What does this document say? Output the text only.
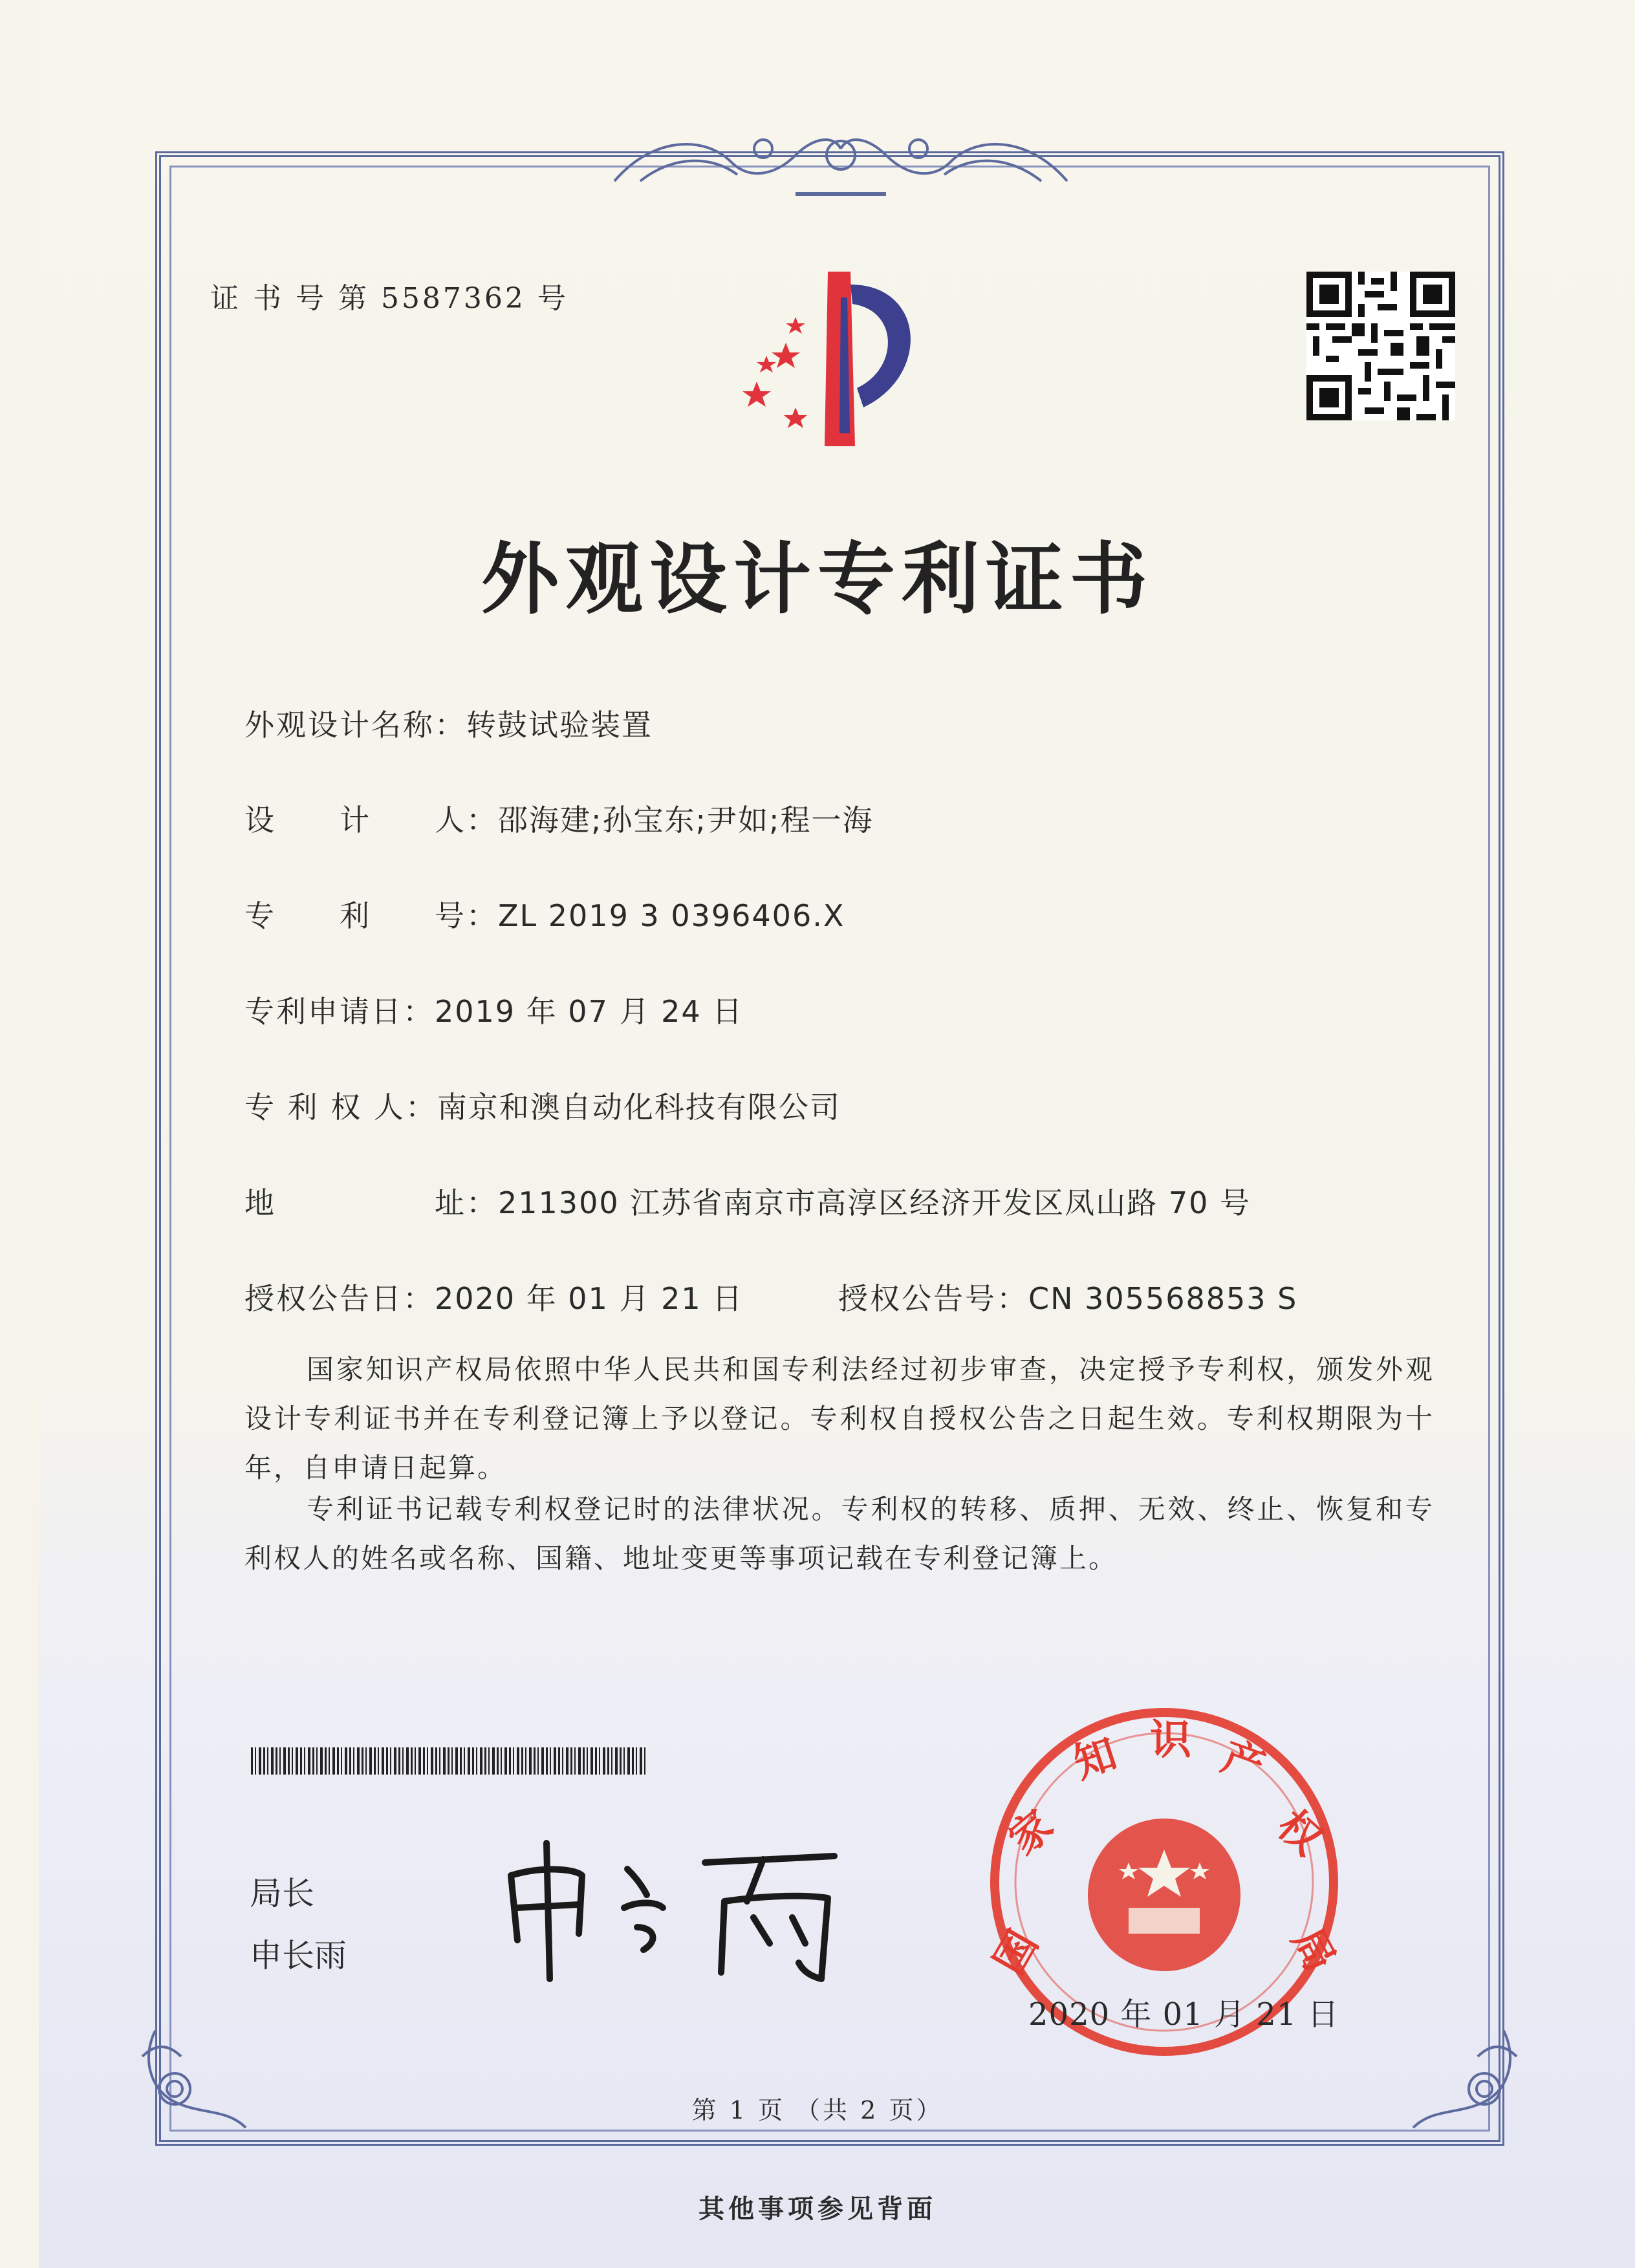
证 书 号 第 5587362 号
外观设计专利证书
外观设计名称：转鼓试验装置
设　　计　　人：邵海建;孙宝东;尹如;程一海
专　　利　　号：ZL 2019 3 0396406.X
专利申请日：2019 年 07 月 24 日
专 利 权 人：南京和澳自动化科技有限公司
地　　　　　址：211300 江苏省南京市高淳区经济开发区凤山路 70 号
授权公告日：2020 年 01 月 21 日	授权公告号：CN 305568853 S
国家知识产权局依照中华人民共和国专利法经过初步审查，决定授予专利权，颁发外观设计专利证书并在专利登记簿上予以登记。专利权自授权公告之日起生效。专利权期限为十年，自申请日起算。
专利证书记载专利权登记时的法律状况。专利权的转移、质押、无效、终止、恢复和专利权人的姓名或名称、国籍、地址变更等事项记载在专利登记簿上。
局长
申长雨	国
家
知 识 产
权
局
2020 年 01 月 21 日
第 1 页 （共 2 页）
其他事项参见背面
